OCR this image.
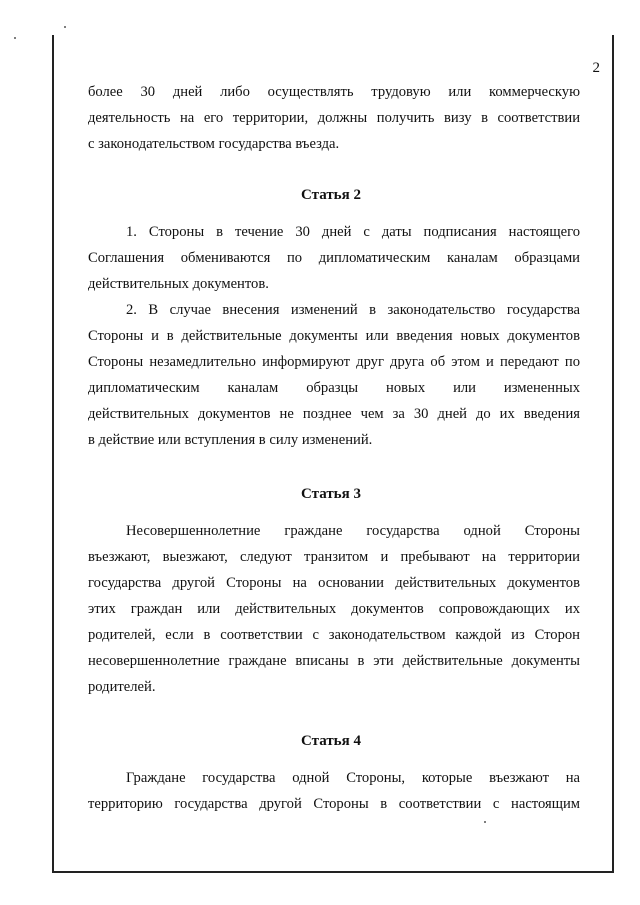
2
более 30 дней либо осуществлять трудовую или коммерческую
деятельность на его территории, должны получить визу в соответствии
с законодательством государства въезда.
Статья 2
1. Стороны в течение 30 дней с даты подписания настоящего
Соглашения обмениваются по дипломатическим каналам образцами
действительных документов.
2. В случае внесения изменений в законодательство государства
Стороны и в действительные документы или введения новых документов
Стороны незамедлительно информируют друг друга об этом и передают по
дипломатическим каналам образцы новых или измененных
действительных документов не позднее чем за 30 дней до их введения
в действие или вступления в силу изменений.
Статья 3
Несовершеннолетние граждане государства одной Стороны
въезжают, выезжают, следуют транзитом и пребывают на территории
государства другой Стороны на основании действительных документов
этих граждан или действительных документов сопровождающих их
родителей, если в соответствии с законодательством каждой из Сторон
несовершеннолетние граждане вписаны в эти действительные документы
родителей.
Статья 4
Граждане государства одной Стороны, которые въезжают на
территорию государства другой Стороны в соответствии с настоящим
